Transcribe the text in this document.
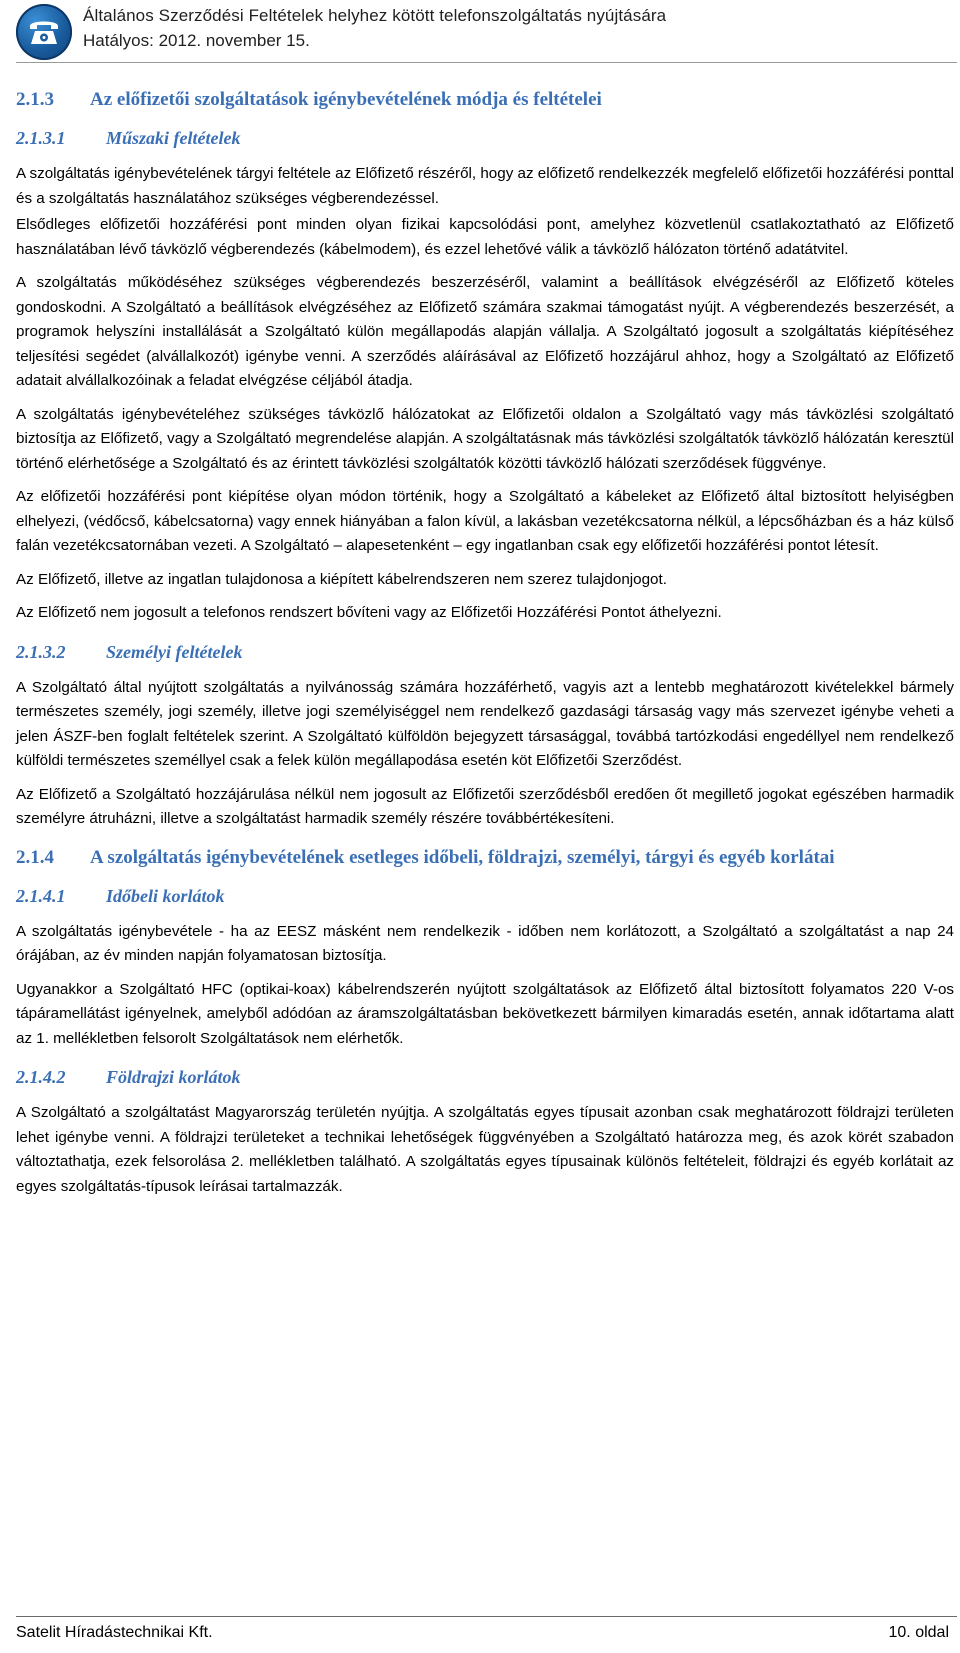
Általános Szerződési Feltételek helyhez kötött telefonszolgáltatás nyújtására
Hatályos: 2012. november 15.
2.1.3	Az előfizetői szolgáltatások igénybevételének módja és feltételei
2.1.3.1	Műszaki feltételek
A szolgáltatás igénybevételének tárgyi feltétele az Előfizető részéről, hogy az előfizető rendelkezzék megfelelő előfizetői hozzáférési ponttal és a szolgáltatás használatához szükséges végberendezéssel.
Elsődleges előfizetői hozzáférési pont minden olyan fizikai kapcsolódási pont, amelyhez közvetlenül csatlakoztatható az Előfizető használatában lévő távközlő végberendezés (kábelmodem), és ezzel lehetővé válik a távközlő hálózaton történő adatátvitel.
A szolgáltatás működéséhez szükséges végberendezés beszerzéséről, valamint a beállítások elvégzéséről az Előfizető köteles gondoskodni. A Szolgáltató a beállítások elvégzéséhez az Előfizető számára szakmai támogatást nyújt. A végberendezés beszerzését, a programok helyszíni installálását a Szolgáltató külön megállapodás alapján vállalja. A Szolgáltató jogosult a szolgáltatás kiépítéséhez teljesítési segédet (alvállalkozót) igénybe venni. A szerződés aláírásával az Előfizető hozzájárul ahhoz, hogy a Szolgáltató az Előfizető adatait alvállalkozóinak a feladat elvégzése céljából átadja.
A szolgáltatás igénybevételéhez szükséges távközlő hálózatokat az Előfizetői oldalon a Szolgáltató vagy más távközlési szolgáltató biztosítja az Előfizető, vagy a Szolgáltató megrendelése alapján. A szolgáltatásnak más távközlési szolgáltatók távközlő hálózatán keresztül történő elérhetősége a Szolgáltató és az érintett távközlési szolgáltatók közötti távközlő hálózati szerződések függvénye.
Az előfizetői hozzáférési pont kiépítése olyan módon történik, hogy a Szolgáltató a kábeleket az Előfizető által biztosított helyiségben elhelyezi, (védőcső, kábelcsatorna) vagy ennek hiányában a falon kívül, a lakásban vezetékcsatorna nélkül, a lépcsőházban és a ház külső falán vezetékcsatornában vezeti. A Szolgáltató – alapesetenként – egy ingatlanban csak egy előfizetői hozzáférési pontot létesít.
Az Előfizető, illetve az ingatlan tulajdonosa a kiépített kábelrendszeren nem szerez tulajdonjogot.
Az Előfizető nem jogosult a telefonos rendszert bővíteni vagy az Előfizetői Hozzáférési Pontot áthelyezni.
2.1.3.2	Személyi feltételek
A Szolgáltató által nyújtott szolgáltatás a nyilvánosság számára hozzáférhető, vagyis azt a lentebb meghatározott kivételekkel bármely természetes személy, jogi személy, illetve jogi személyiséggel nem rendelkező gazdasági társaság vagy más szervezet igénybe veheti a jelen ÁSZF-ben foglalt feltételek szerint. A Szolgáltató külföldön bejegyzett társasággal, továbbá tartózkodási engedéllyel nem rendelkező külföldi természetes személlyel csak a felek külön megállapodása esetén köt Előfizetői Szerződést.
Az Előfizető a Szolgáltató hozzájárulása nélkül nem jogosult az Előfizetői szerződésből eredően őt megillető jogokat egészében harmadik személyre átruházni, illetve a szolgáltatást harmadik személy részére továbbértékesíteni.
2.1.4	A szolgáltatás igénybevételének esetleges időbeli, földrajzi, személyi, tárgyi és egyéb korlátai
2.1.4.1	Időbeli korlátok
A szolgáltatás igénybevétele - ha az EESZ másként nem rendelkezik - időben nem korlátozott, a Szolgáltató a szolgáltatást a nap 24 órájában, az év minden napján folyamatosan biztosítja.
Ugyanakkor a Szolgáltató HFC (optikai-koax) kábelrendszerén nyújtott szolgáltatások az Előfizető által biztosított folyamatos 220 V-os tápáramellátást igényelnek, amelyből adódóan az áramszolgáltatásban bekövetkezett bármilyen kimaradás esetén, annak időtartama alatt az 1. mellékletben felsorolt Szolgáltatások nem elérhetők.
2.1.4.2	Földrajzi korlátok
A Szolgáltató a szolgáltatást Magyarország területén nyújtja. A szolgáltatás egyes típusait azonban csak meghatározott földrajzi területen lehet igénybe venni. A földrajzi területeket a technikai lehetőségek függvényében a Szolgáltató határozza meg, és azok körét szabadon változtathatja, ezek felsorolása 2. mellékletben található. A szolgáltatás egyes típusainak különös feltételeit, földrajzi és egyéb korlátait az egyes szolgáltatás-típusok leírásai tartalmazzák.
Satelit Híradástechnikai Kft.	10. oldal
